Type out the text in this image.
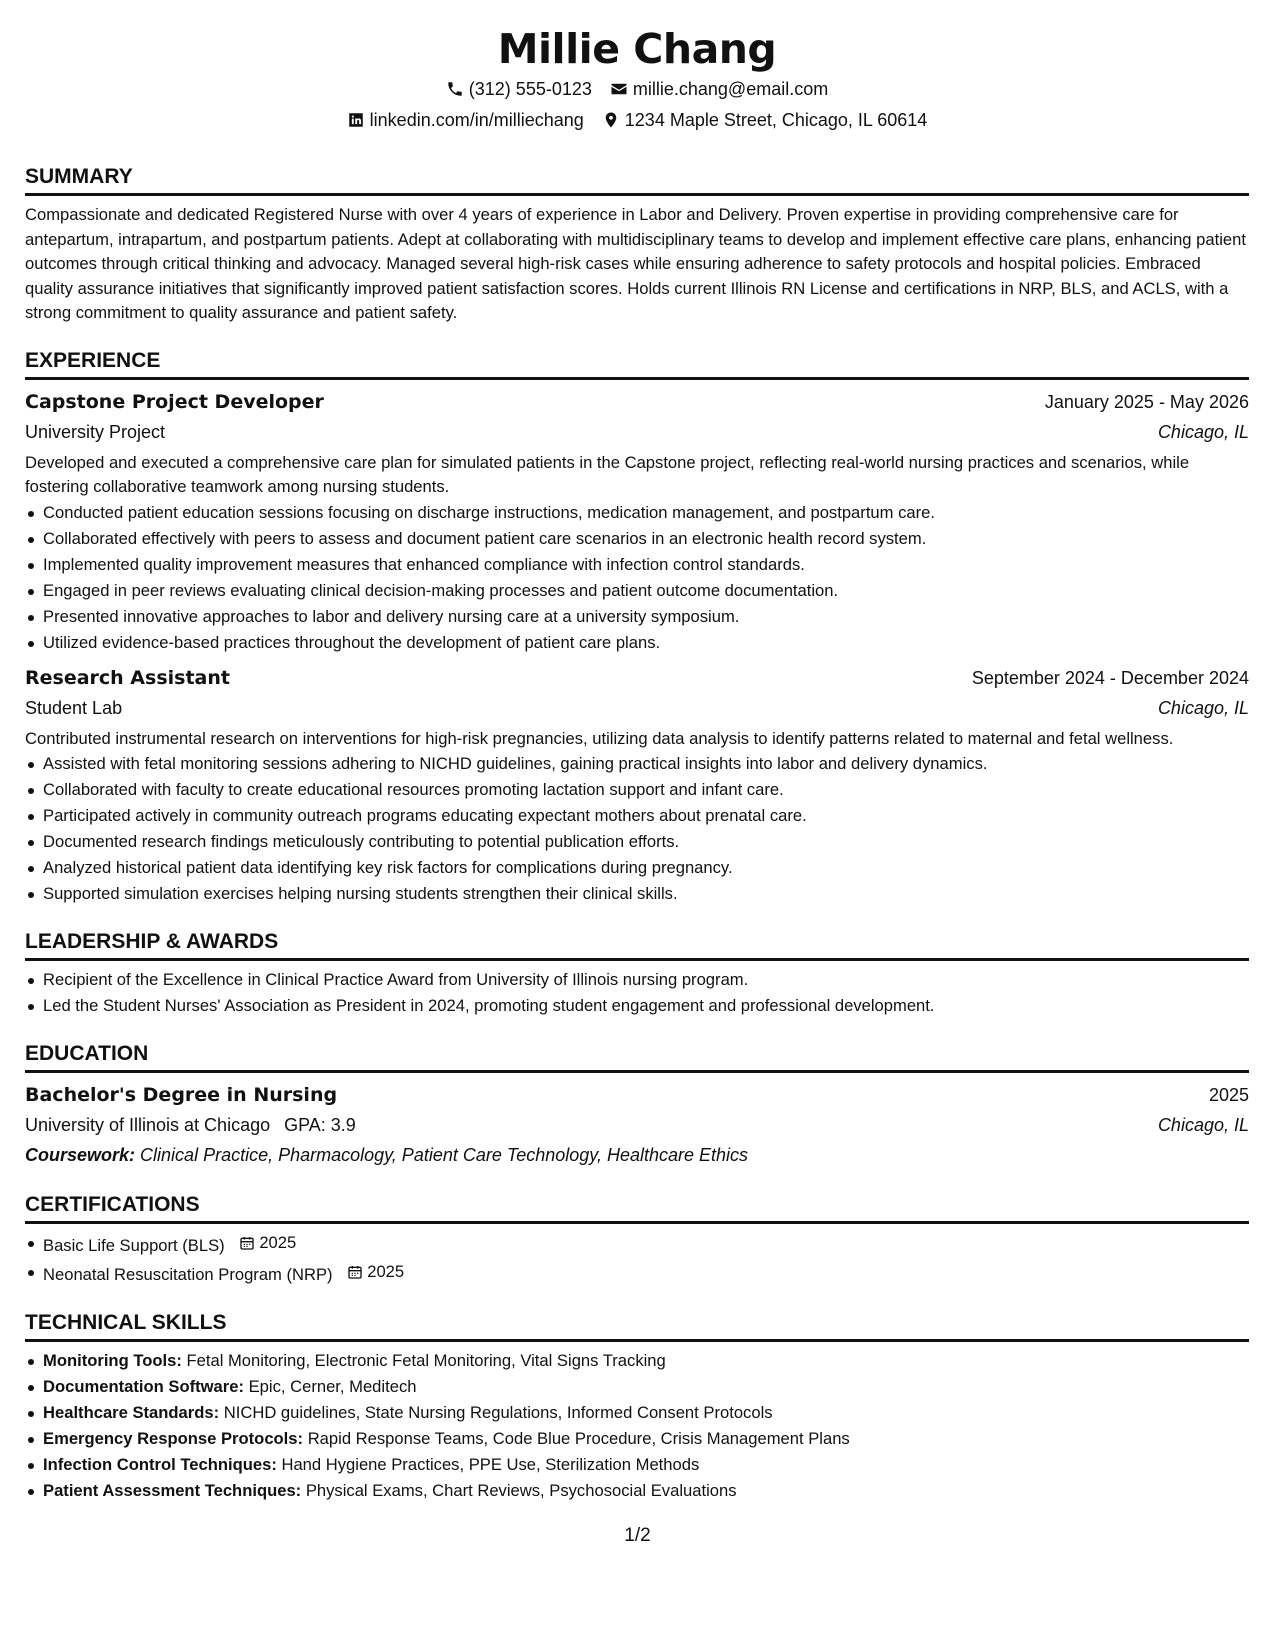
Millie Chang
(312) 555-0123 millie.chang@email.com
linkedin.com/in/milliechang 1234 Maple Street, Chicago, IL 60614
SUMMARY
Compassionate and dedicated Registered Nurse with over 4 years of experience in Labor and Delivery. Proven expertise in providing comprehensive care for antepartum, intrapartum, and postpartum patients. Adept at collaborating with multidisciplinary teams to develop and implement effective care plans, enhancing patient outcomes through critical thinking and advocacy. Managed several high-risk cases while ensuring adherence to safety protocols and hospital policies. Embraced quality assurance initiatives that significantly improved patient satisfaction scores. Holds current Illinois RN License and certifications in NRP, BLS, and ACLS, with a strong commitment to quality assurance and patient safety.
EXPERIENCE
Capstone Project Developer	January 2025 - May 2026
University Project	Chicago, IL
Developed and executed a comprehensive care plan for simulated patients in the Capstone project, reflecting real-world nursing practices and scenarios, while fostering collaborative teamwork among nursing students.
Conducted patient education sessions focusing on discharge instructions, medication management, and postpartum care.
Collaborated effectively with peers to assess and document patient care scenarios in an electronic health record system.
Implemented quality improvement measures that enhanced compliance with infection control standards.
Engaged in peer reviews evaluating clinical decision-making processes and patient outcome documentation.
Presented innovative approaches to labor and delivery nursing care at a university symposium.
Utilized evidence-based practices throughout the development of patient care plans.
Research Assistant	September 2024 - December 2024
Student Lab	Chicago, IL
Contributed instrumental research on interventions for high-risk pregnancies, utilizing data analysis to identify patterns related to maternal and fetal wellness.
Assisted with fetal monitoring sessions adhering to NICHD guidelines, gaining practical insights into labor and delivery dynamics.
Collaborated with faculty to create educational resources promoting lactation support and infant care.
Participated actively in community outreach programs educating expectant mothers about prenatal care.
Documented research findings meticulously contributing to potential publication efforts.
Analyzed historical patient data identifying key risk factors for complications during pregnancy.
Supported simulation exercises helping nursing students strengthen their clinical skills.
LEADERSHIP & AWARDS
Recipient of the Excellence in Clinical Practice Award from University of Illinois nursing program.
Led the Student Nurses' Association as President in 2024, promoting student engagement and professional development.
EDUCATION
Bachelor's Degree in Nursing	2025
University of Illinois at Chicago GPA: 3.9	Chicago, IL
Coursework: Clinical Practice, Pharmacology, Patient Care Technology, Healthcare Ethics
CERTIFICATIONS
Basic Life Support (BLS) 2025
Neonatal Resuscitation Program (NRP) 2025
TECHNICAL SKILLS
Monitoring Tools: Fetal Monitoring, Electronic Fetal Monitoring, Vital Signs Tracking
Documentation Software: Epic, Cerner, Meditech
Healthcare Standards: NICHD guidelines, State Nursing Regulations, Informed Consent Protocols
Emergency Response Protocols: Rapid Response Teams, Code Blue Procedure, Crisis Management Plans
Infection Control Techniques: Hand Hygiene Practices, PPE Use, Sterilization Methods
Patient Assessment Techniques: Physical Exams, Chart Reviews, Psychosocial Evaluations
1/2
